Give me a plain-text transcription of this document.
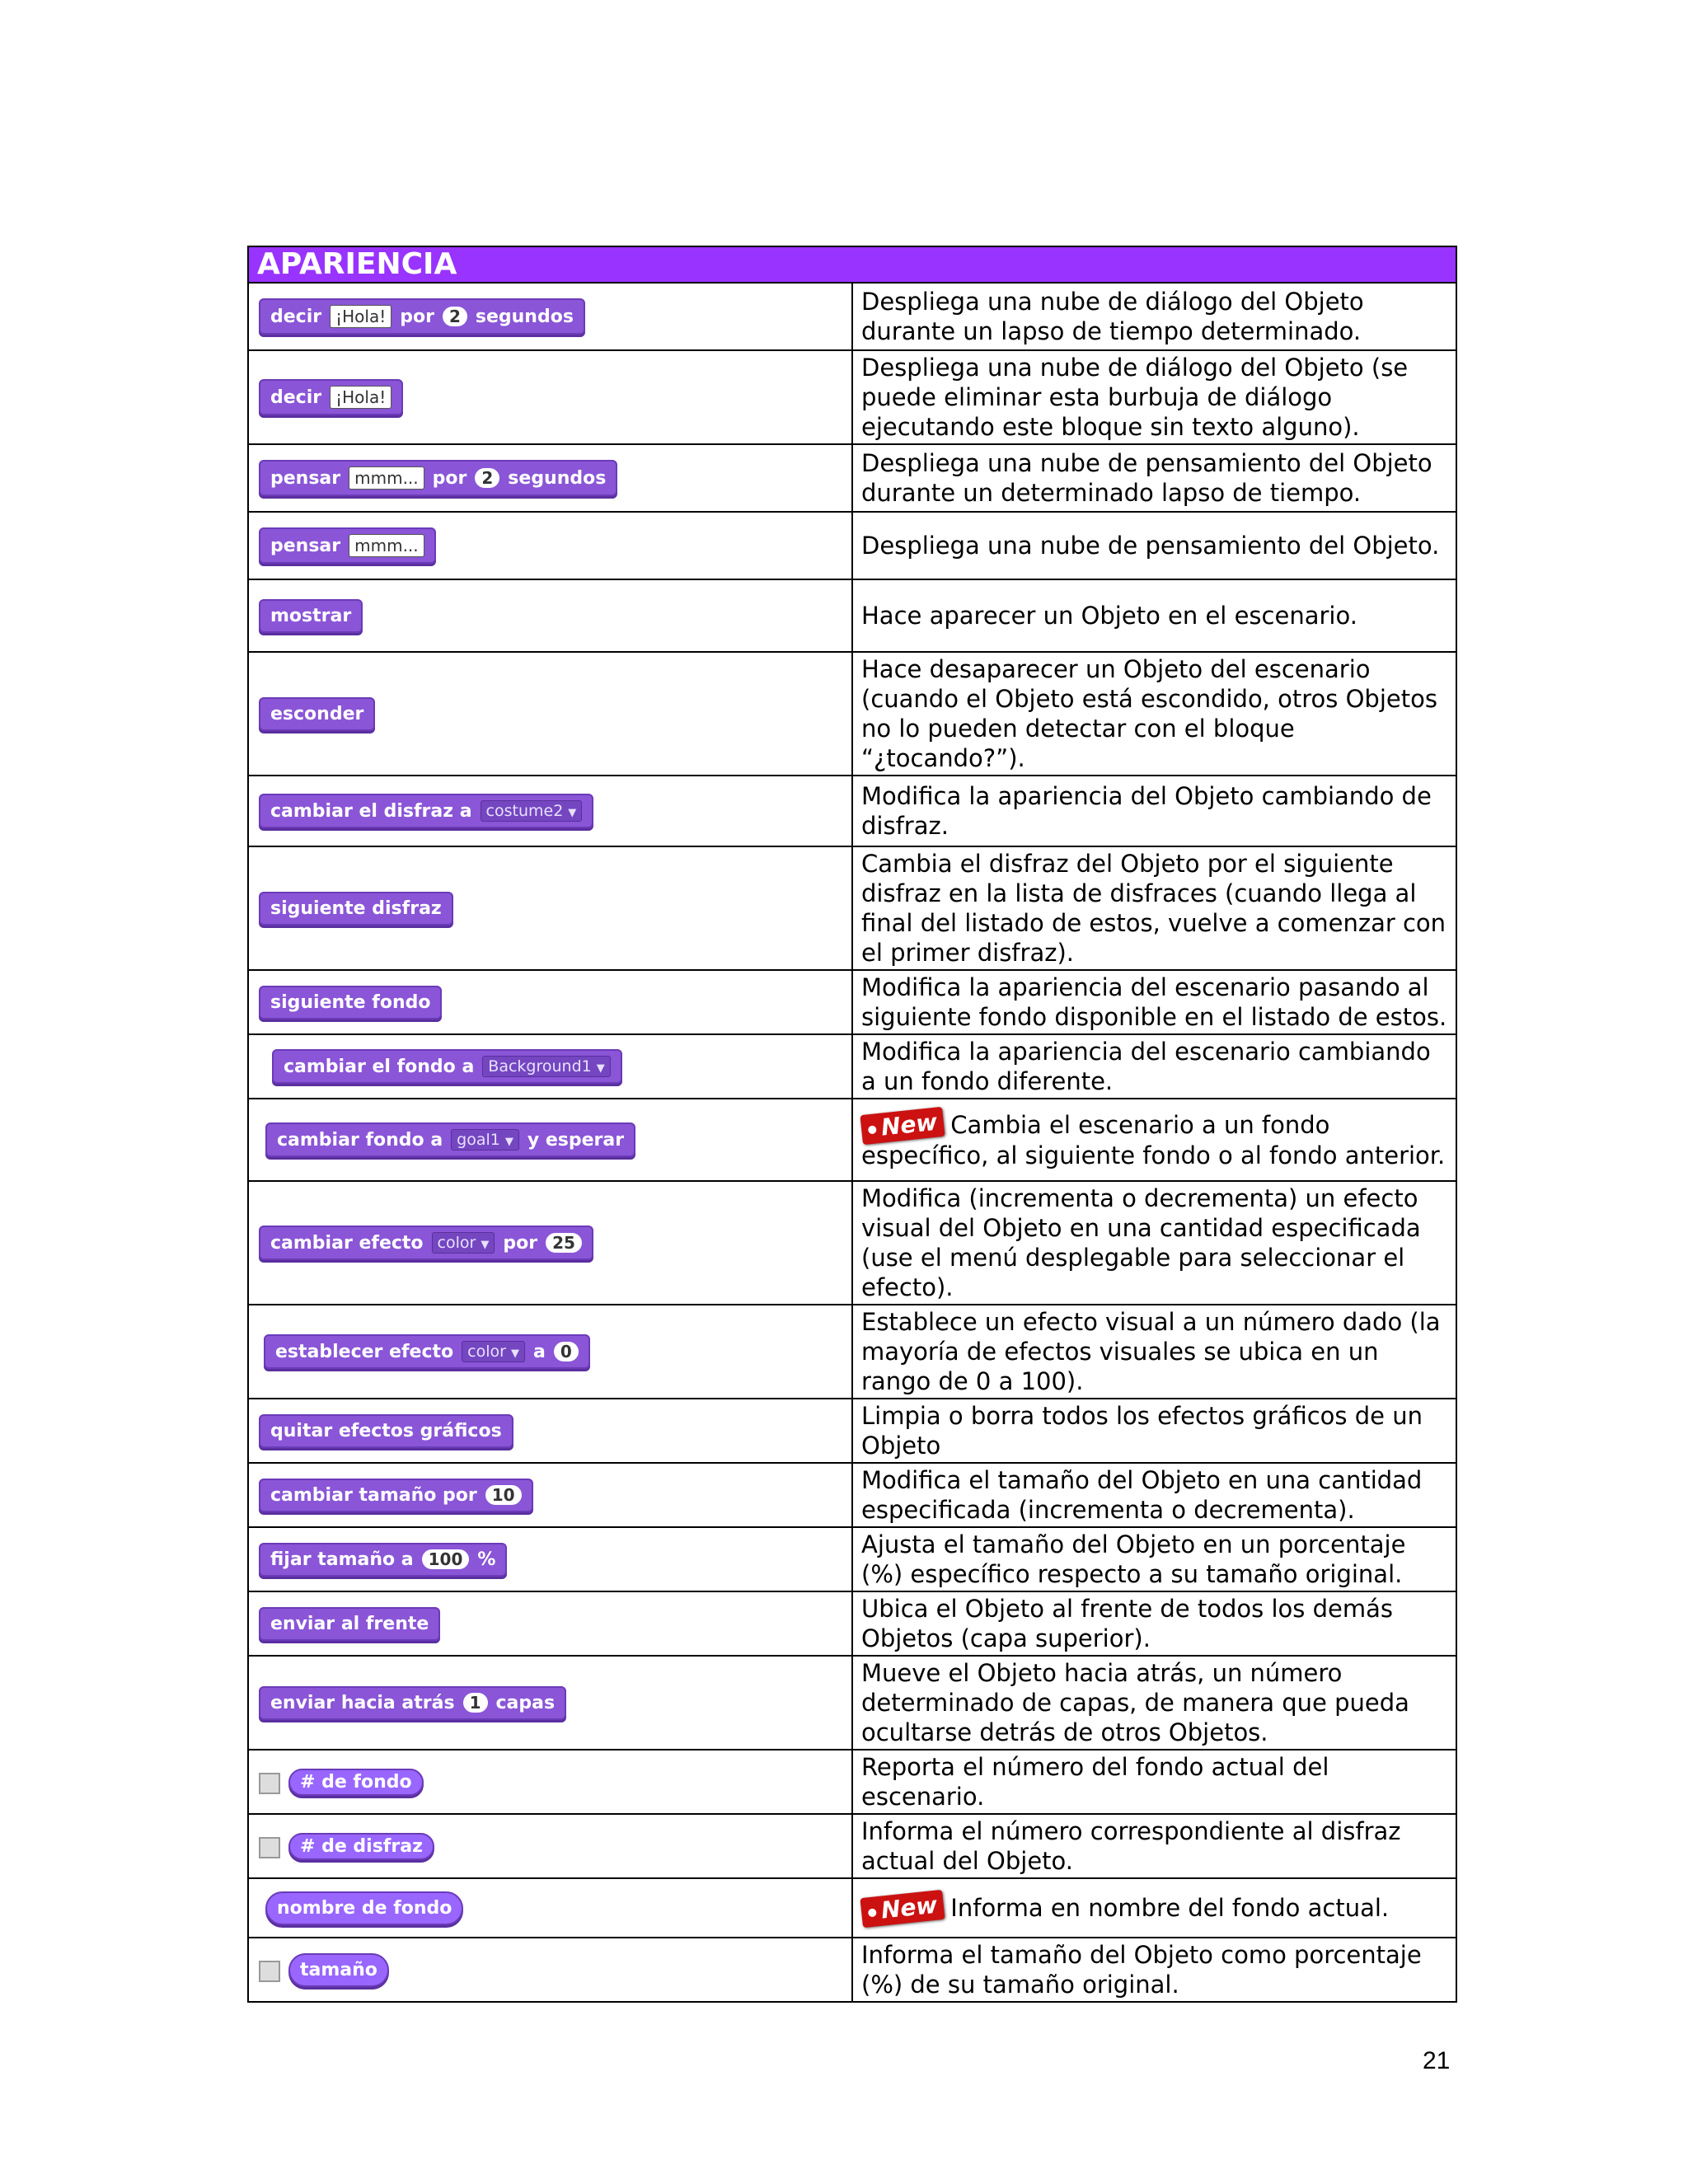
APARIENCIA	

decir ¡Hola! por 2 segundos	Despliega una nube de diálogo del Objeto durante un lapso de tiempo determinado.

decir ¡Hola!	Despliega una nube de diálogo del Objeto (se puede eliminar esta burbuja de diálogo ejecutando este bloque sin texto alguno).

pensar mmm... por 2 segundos	Despliega una nube de pensamiento del Objeto durante un determinado lapso de tiempo.

pensar mmm...	Despliega una nube de pensamiento del Objeto.

mostrar	Hace aparecer un Objeto en el escenario.

esconder	Hace desaparecer un Objeto del escenario (cuando el Objeto está escondido, otros Objetos no lo pueden detectar con el bloque “¿tocando?”).

cambiar el disfraz a costume2 ▼	Modifica la apariencia del Objeto cambiando de disfraz.

siguiente disfraz	Cambia el disfraz del Objeto por el siguiente disfraz en la lista de disfraces (cuando llega al final del listado de estos, vuelve a comenzar con el primer disfraz).

siguiente fondo	Modifica la apariencia del escenario pasando al siguiente fondo disponible en el listado de estos.

cambiar el fondo a Background1 ▼	Modifica la apariencia del escenario cambiando a un fondo diferente.

cambiar fondo a goal1 ▼ y esperar	New Cambia el escenario a un fondo específico, al siguiente fondo o al fondo anterior.

cambiar efecto color ▼ por 25	Modifica (incrementa o decrementa) un efecto visual del Objeto en una cantidad especificada (use el menú desplegable para seleccionar el efecto).

establecer efecto color ▼ a 0	Establece un efecto visual a un número dado (la mayoría de efectos visuales se ubica en un rango de 0 a 100).

quitar efectos gráficos	Limpia o borra todos los efectos gráficos de un Objeto

cambiar tamaño por 10	Modifica el tamaño del Objeto en una cantidad especificada (incrementa o decrementa).

fijar tamaño a 100 %	Ajusta el tamaño del Objeto en un porcentaje (%) específico respecto a su tamaño original.

enviar al frente	Ubica el Objeto al frente de todos los demás Objetos (capa superior).

enviar hacia atrás 1 capas	Mueve el Objeto hacia atrás, un número determinado de capas, de manera que pueda ocultarse detrás de otros Objetos.

# de fondo	Reporta el número del fondo actual del escenario.

# de disfraz	Informa el número correspondiente al disfraz actual del Objeto.

nombre de fondo	New Informa en nombre del fondo actual.

tamaño	Informa el tamaño del Objeto como porcentaje (%) de su tamaño original.
21
